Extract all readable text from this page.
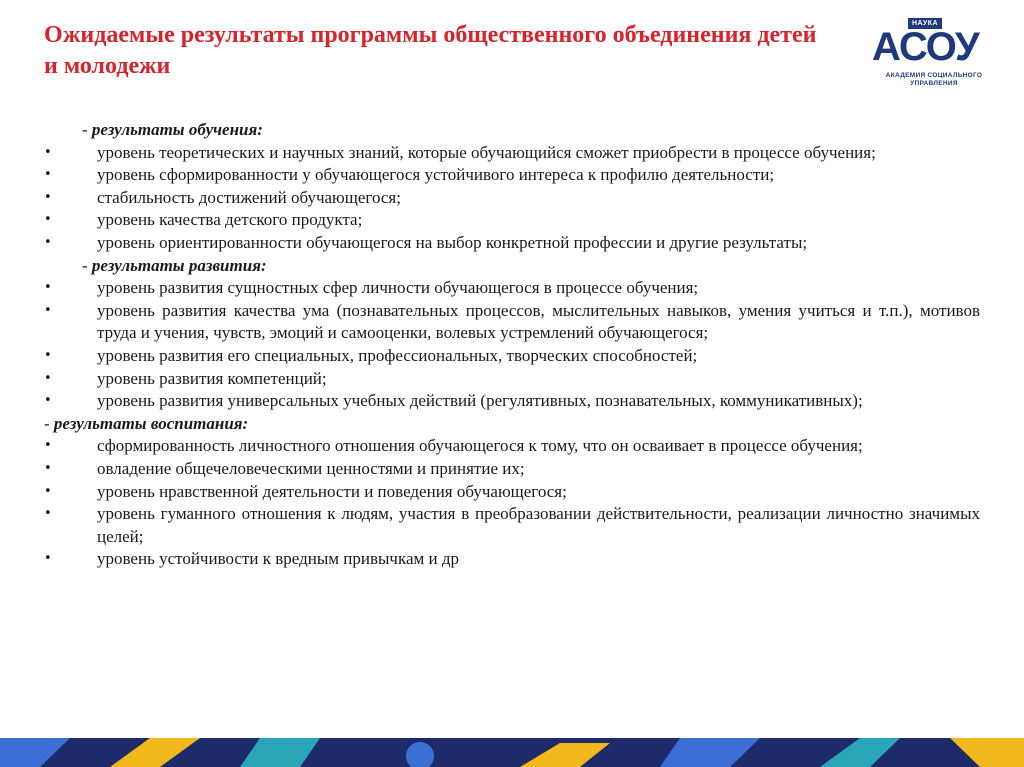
Ожидаемые результаты программы общественного объединения детей и молодежи
НАУКА
АСОУ
АКАДЕМИЯ СОЦИАЛЬНОГО
УПРАВЛЕНИЯ

- результаты обучения:

•	уровень теоретических и научных знаний, которые обучающийся сможет приобрести в процессе обучения;
•	уровень сформированности у обучающегося устойчивого интереса к профилю деятельности;
•	стабильность достижений обучающегося;
•	уровень качества детского продукта;
•	уровень ориентированности обучающегося на выбор конкретной профессии и другие результаты;

- результаты развития:

•	уровень развития сущностных сфер личности обучающегося в процессе обучения;
•	уровень развития качества ума (познавательных процессов, мыслительных навыков, умения учиться и т.п.), мотивов труда и учения, чувств, эмоций и самооценки, волевых устремлений обучающегося;
•	уровень развития его специальных, профессиональных, творческих способностей;
•	уровень развития компетенций;
•	уровень развития универсальных учебных действий (регулятивных, познавательных, коммуникативных);

- результаты воспитания:

•	сформированность личностного отношения обучающегося к тому, что он осваивает в процессе обучения;
•	овладение общечеловеческими ценностями и принятие их;
•	уровень нравственной деятельности и поведения обучающегося;
•	уровень гуманного отношения к людям, участия в преобразовании действительности, реализации личностно значимых целей;
•	уровень устойчивости к вредным привычкам и др
